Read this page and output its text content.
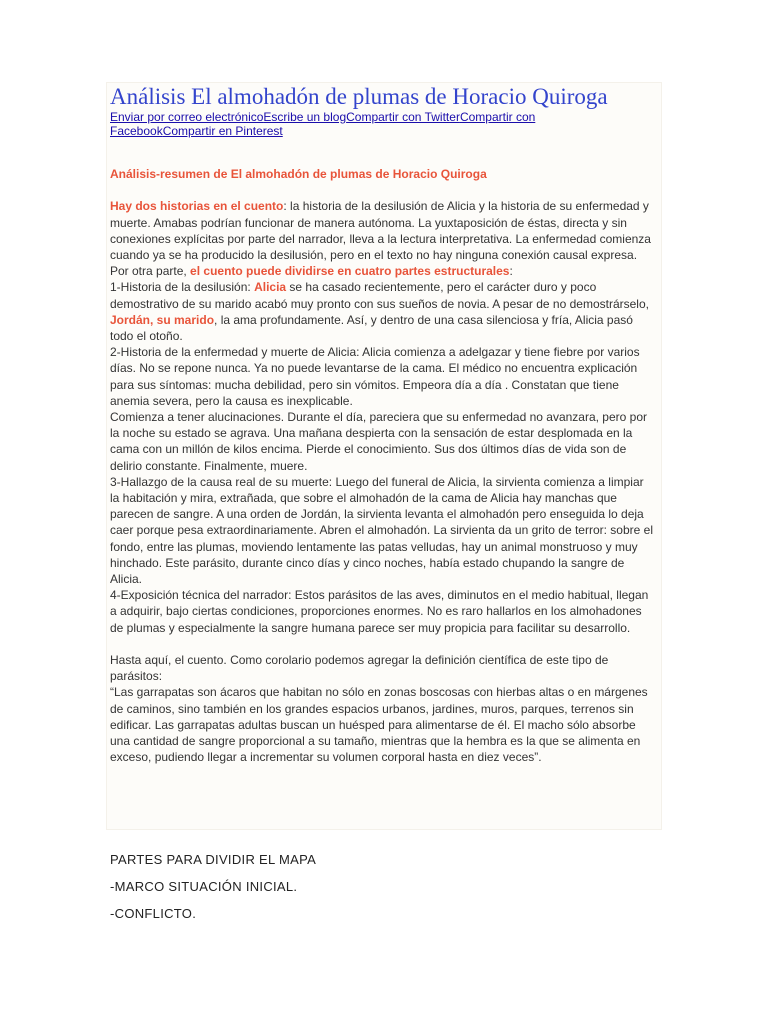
Análisis El almohadón de plumas de Horacio Quiroga
Enviar por correo electrónicoEscribe un blogCompartir con TwitterCompartir con FacebookCompartir en Pinterest

Análisis-resumen de El almohadón de plumas de Horacio Quiroga

Hay dos historias en el cuento: la historia de la desilusión de Alicia y la historia de su enfermedad y muerte. Amabas podrían funcionar de manera autónoma. La yuxtaposición de éstas, directa y sin conexiones explícitas por parte del narrador, lleva a la lectura interpretativa. La enfermedad comienza cuando ya se ha producido la desilusión, pero en el texto no hay ninguna conexión causal expresa.

Por otra parte, el cuento puede dividirse en cuatro partes estructurales:

1-Historia de la desilusión: Alicia se ha casado recientemente, pero el carácter duro y poco demostrativo de su marido acabó muy pronto con sus sueños de novia. A pesar de no demostrárselo, Jordán, su marido, la ama profundamente. Así, y dentro de una casa silenciosa y fría, Alicia pasó todo el otoño.

2-Historia de la enfermedad y muerte de Alicia: Alicia comienza a adelgazar y tiene fiebre por varios días. No se repone nunca. Ya no puede levantarse de la cama. El médico no encuentra explicación para sus síntomas: mucha debilidad, pero sin vómitos. Empeora día a día . Constatan que tiene anemia severa, pero la causa es inexplicable.

Comienza a tener alucinaciones. Durante el día, pareciera que su enfermedad no avanzara, pero por la noche su estado se agrava. Una mañana despierta con la sensación de estar desplomada en la cama con un millón de kilos encima. Pierde el conocimiento. Sus dos últimos días de vida son de delirio constante. Finalmente, muere.

3-Hallazgo de la causa real de su muerte: Luego del funeral de Alicia, la sirvienta comienza a limpiar la habitación y mira, extrañada, que sobre el almohadón de la cama de Alicia hay manchas que parecen de sangre. A una orden de Jordán, la sirvienta levanta el almohadón pero enseguida lo deja caer porque pesa extraordinariamente. Abren el almohadón. La sirvienta da un grito de terror: sobre el fondo, entre las plumas, moviendo lentamente las patas velludas, hay un animal monstruoso y muy hinchado. Este parásito, durante cinco días y cinco noches, había estado chupando la sangre de Alicia.

4-Exposición técnica del narrador: Estos parásitos de las aves, diminutos en el medio habitual, llegan a adquirir, bajo ciertas condiciones, proporciones enormes. No es raro hallarlos en los almohadones de plumas y especialmente la sangre humana parece ser muy propicia para facilitar su desarrollo.

Hasta aquí, el cuento. Como corolario podemos agregar la definición científica de este tipo de parásitos:

“Las garrapatas son ácaros que habitan no sólo en zonas boscosas con hierbas altas o en márgenes de caminos, sino también en los grandes espacios urbanos, jardines, muros, parques, terrenos sin edificar. Las garrapatas adultas buscan un huésped para alimentarse de él. El macho sólo absorbe una cantidad de sangre proporcional a su tamaño, mientras que la hembra es la que se alimenta en exceso, pudiendo llegar a incrementar su volumen corporal hasta en diez veces”.

PARTES PARA DIVIDIR EL MAPA
-MARCO SITUACIÓN INICIAL.
-CONFLICTO.
